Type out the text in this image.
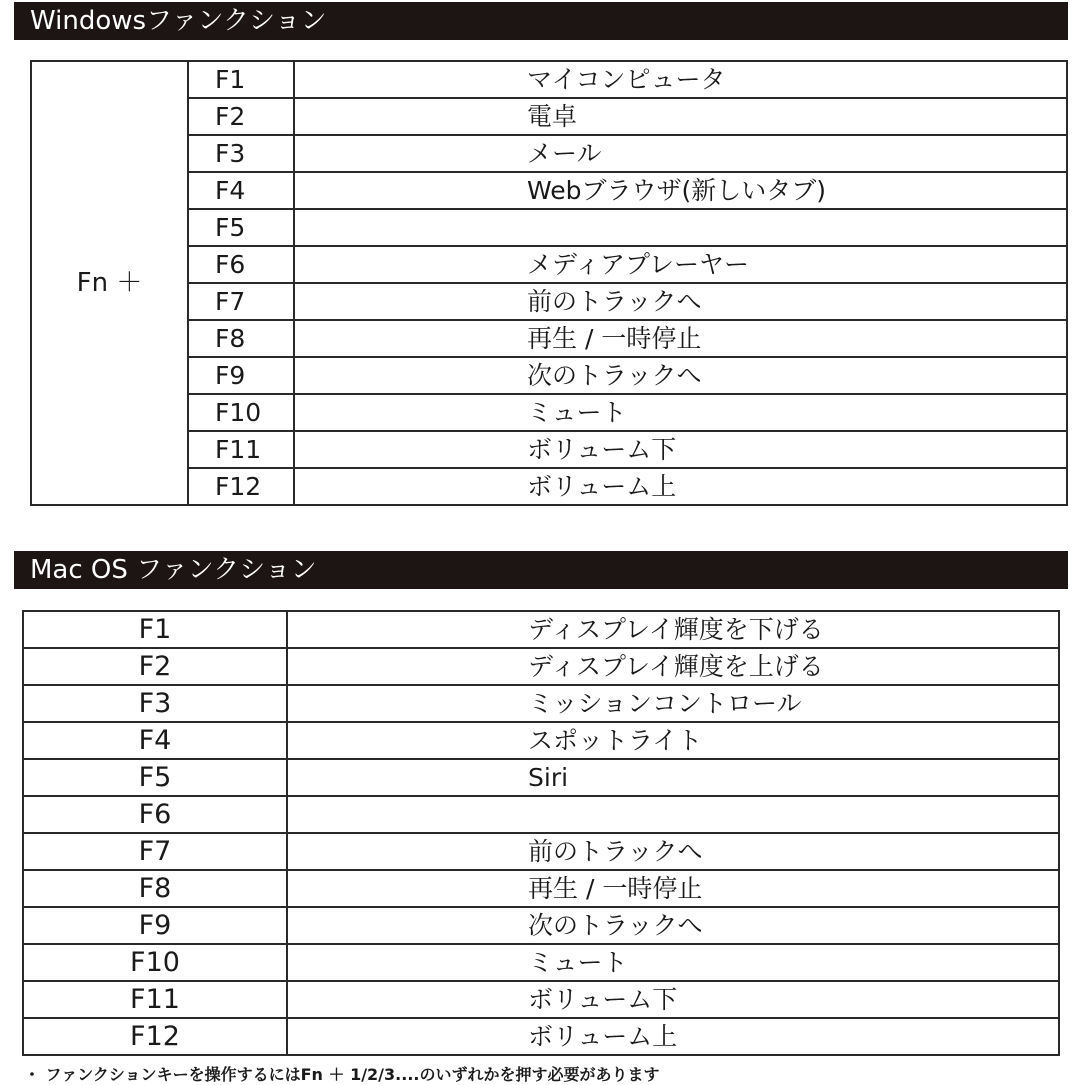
Windowsファンクション
Fn ＋	F1	マイコンピュータ
	F2	電卓
	F3	メール
	F4	Webブラウザ(新しいタブ)
	F5	
	F6	メディアプレーヤー
	F7	前のトラックへ
	F8	再生 / 一時停止
	F9	次のトラックへ
	F10	ミュート
	F11	ボリューム下
	F12	ボリューム上
Mac OS ファンクション
F1	ディスプレイ輝度を下げる
F2	ディスプレイ輝度を上げる
F3	ミッションコントロール
F4	スポットライト
F5	Siri
F6	
F7	前のトラックへ
F8	再生 / 一時停止
F9	次のトラックへ
F10	ミュート
F11	ボリューム下
F12	ボリューム上
・ ファンクションキーを操作するにはFn ＋ 1/2/3....のいずれかを押す必要があります
